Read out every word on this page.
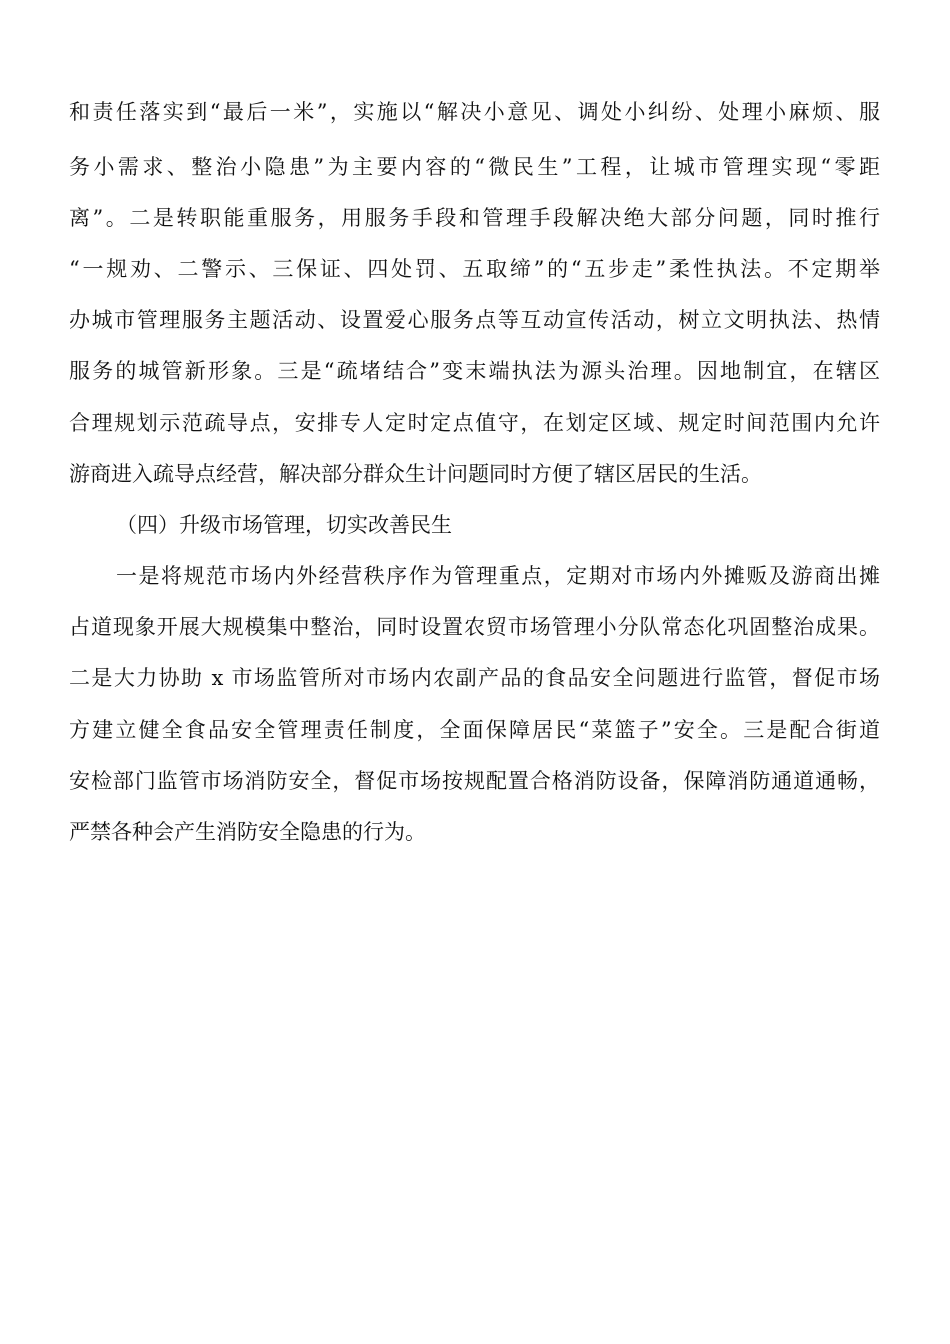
和责任落实到“最后一米”，实施以“解决小意见、调处小纠纷、处理小麻烦、服

务小需求、整治小隐患”为主要内容的“微民生”工程，让城市管理实现“零距

离”。二是转职能重服务，用服务手段和管理手段解决绝大部分问题，同时推行

“一规劝、二警示、三保证、四处罚、五取缔”的“五步走”柔性执法。不定期举

办城市管理服务主题活动、设置爱心服务点等互动宣传活动，树立文明执法、热情

服务的城管新形象。三是“疏堵结合”变末端执法为源头治理。因地制宜，在辖区

合理规划示范疏导点，安排专人定时定点值守，在划定区域、规定时间范围内允许

游商进入疏导点经营，解决部分群众生计问题同时方便了辖区居民的生活。

（四）升级市场管理，切实改善民生

一是将规范市场内外经营秩序作为管理重点，定期对市场内外摊贩及游商出摊

占道现象开展大规模集中整治，同时设置农贸市场管理小分队常态化巩固整治成果。

二是大力协助 x 市场监管所对市场内农副产品的食品安全问题进行监管，督促市场

方建立健全食品安全管理责任制度，全面保障居民“菜篮子”安全。三是配合街道

安检部门监管市场消防安全，督促市场按规配置合格消防设备，保障消防通道通畅，

严禁各种会产生消防安全隐患的行为。
